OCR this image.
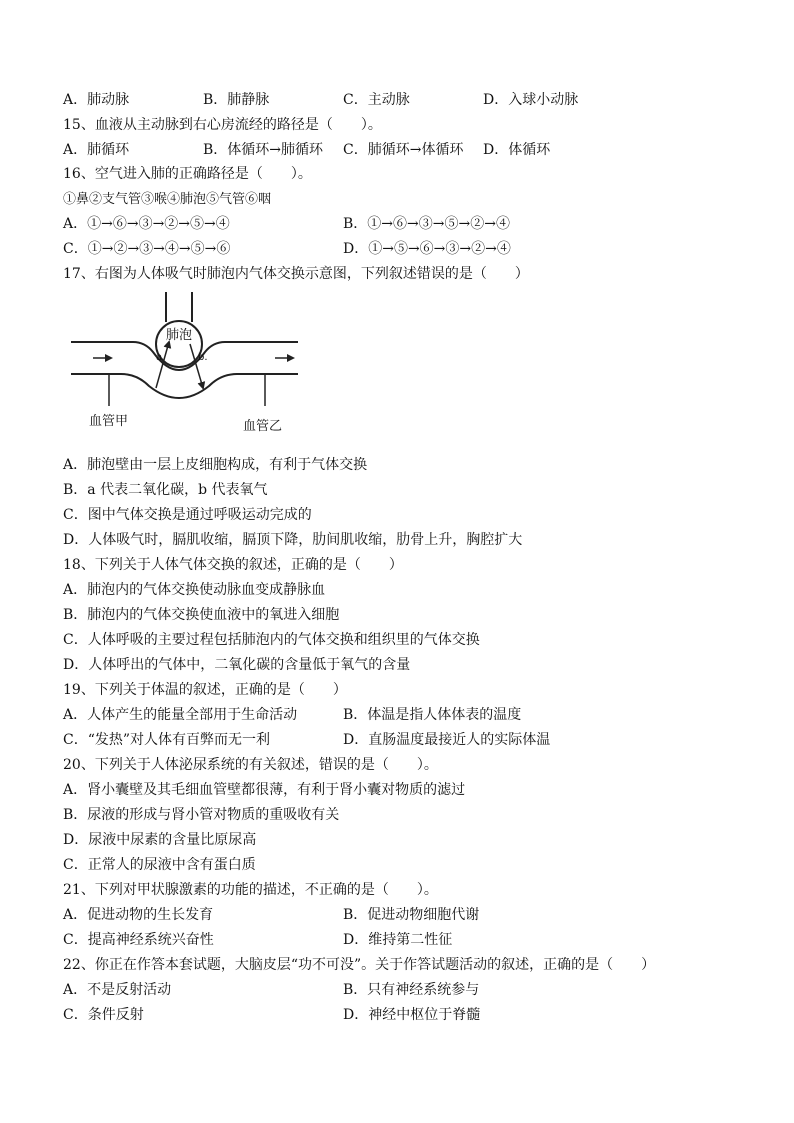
A．肺动脉	B．肺静脉	C．主动脉	D．入球小动脉
15、血液从主动脉到右心房流经的路径是（　　）。
A．肺循环	B．体循环→肺循环 C．肺循环→体循环 D．体循环
16、空气进入肺的正确路径是（　　）。
①鼻②支气管③喉④肺泡⑤气管⑥咽
A．①→⑥→③→②→⑤→④	B．①→⑥→③→⑤→②→④
C．①→②→③→④→⑤→⑥	D．①→⑤→⑥→③→②→④
17、右图为人体吸气时肺泡内气体交换示意图，下列叙述错误的是（　　）
肺泡
a	b.
血管甲	血管乙
A．肺泡壁由一层上皮细胞构成，有利于气体交换
B．a 代表二氧化碳，b 代表氧气
C．图中气体交换是通过呼吸运动完成的
D．人体吸气时，膈肌收缩，膈顶下降，肋间肌收缩，肋骨上升，胸腔扩大
18、下列关于人体气体交换的叙述，正确的是（　　）
A．肺泡内的气体交换使动脉血变成静脉血
B．肺泡内的气体交换使血液中的氧进入细胞
C．人体呼吸的主要过程包括肺泡内的气体交换和组织里的气体交换
D．人体呼出的气体中，二氧化碳的含量低于氧气的含量
19、下列关于体温的叙述，正确的是（　　）
A．人体产生的能量全部用于生命活动	B．体温是指人体体表的温度
C．“发热”对人体有百弊而无一利	D．直肠温度最接近人的实际体温
20、下列关于人体泌尿系统的有关叙述，错误的是（　　）。
A．肾小囊壁及其毛细血管壁都很薄，有利于肾小囊对物质的滤过
B．尿液的形成与肾小管对物质的重吸收有关
D．尿液中尿素的含量比原尿高
C．正常人的尿液中含有蛋白质
21、下列对甲状腺激素的功能的描述，不正确的是（　　）。
A．促进动物的生长发育	B．促进动物细胞代谢
C．提高神经系统兴奋性	D．维持第二性征
22、你正在作答本套试题，大脑皮层“功不可没”。关于作答试题活动的叙述，正确的是（　　）
A．不是反射活动	B．只有神经系统参与
C．条件反射	D．神经中枢位于脊髓
